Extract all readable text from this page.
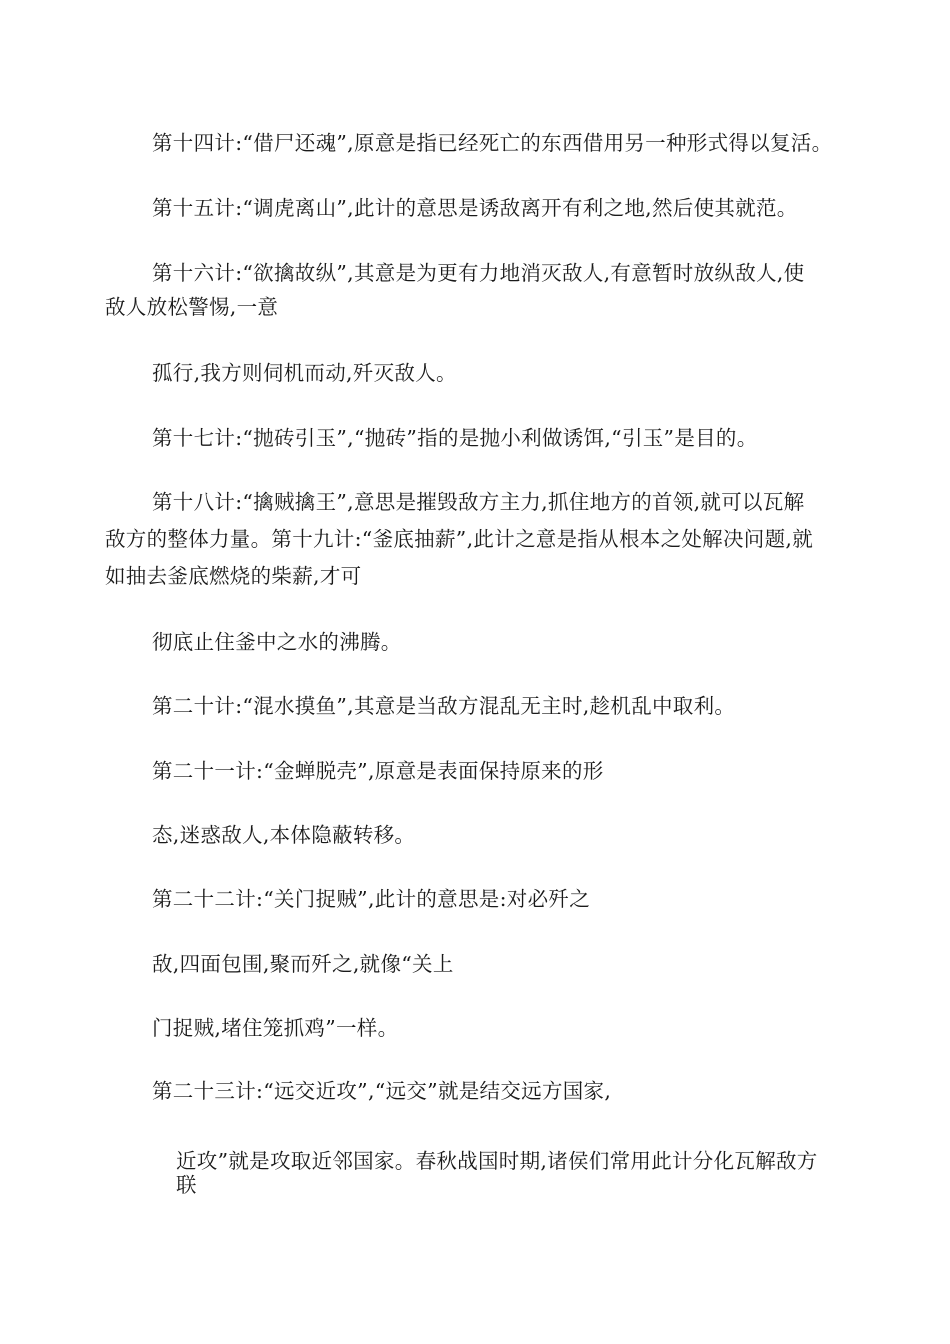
第十四计:“借尸还魂”,原意是指已经死亡的东西借用另一种形式得以复活。
第十五计:“调虎离山”,此计的意思是诱敌离开有利之地,然后使其就范。
第十六计:“欲擒故纵”,其意是为更有力地消灭敌人,有意暂时放纵敌人,使
敌人放松警惕,一意
孤行,我方则伺机而动,歼灭敌人。
第十七计:“抛砖引玉”,“抛砖”指的是抛小利做诱饵,“引玉”是目的。
第十八计:“擒贼擒王”,意思是摧毁敌方主力,抓住地方的首领,就可以瓦解
敌方的整体力量。第十九计:“釜底抽薪”,此计之意是指从根本之处解决问题,就
如抽去釜底燃烧的柴薪,才可
彻底止住釜中之水的沸腾。
第二十计:“混水摸鱼”,其意是当敌方混乱无主时,趁机乱中取利。
第二十一计:“金蝉脱壳”,原意是表面保持原来的形
态,迷惑敌人,本体隐蔽转移。
第二十二计:“关门捉贼”,此计的意思是:对必歼之
敌,四面包围,聚而歼之,就像“关上
门捉贼,堵住笼抓鸡”一样。
第二十三计:“远交近攻”,“远交”就是结交远方国家,
近攻”就是攻取近邻国家。春秋战国时期,诸侯们常用此计分化瓦解敌方
联
